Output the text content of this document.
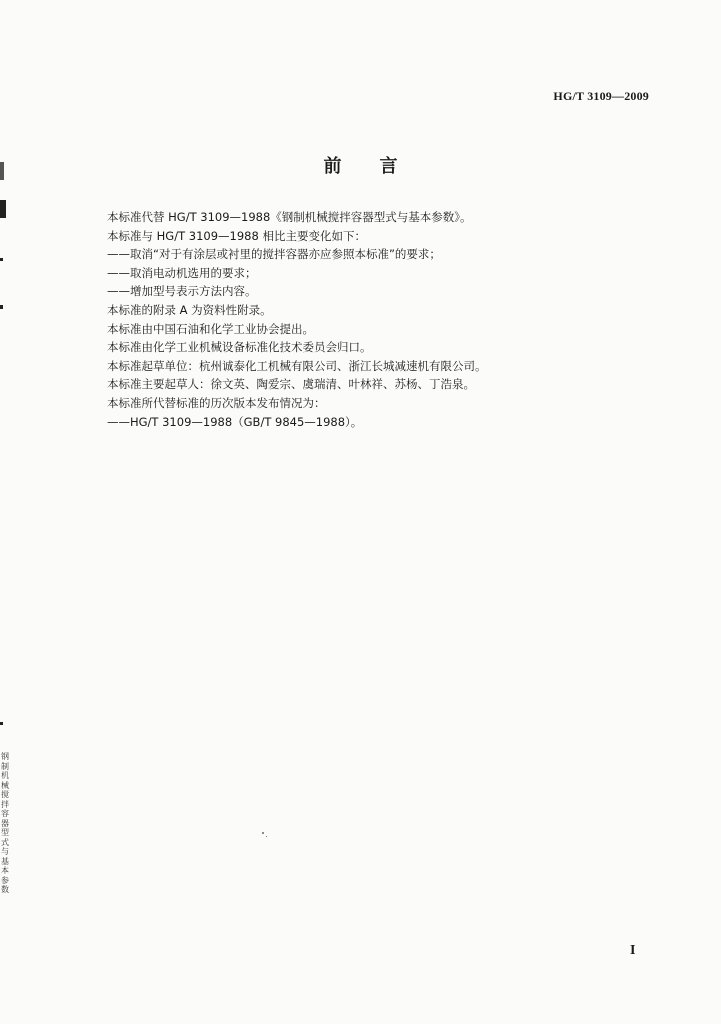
HG/T 3109—2009
前 言
本标准代替 HG/T 3109—1988《钢制机械搅拌容器型式与基本参数》。
本标准与 HG/T 3109—1988 相比主要变化如下：
——取消“对于有涂层或衬里的搅拌容器亦应参照本标准”的要求；
——取消电动机选用的要求；
——增加型号表示方法内容。
本标准的附录 A 为资料性附录。
本标准由中国石油和化学工业协会提出。
本标准由化学工业机械设备标准化技术委员会归口。
本标准起草单位：杭州诚泰化工机械有限公司、浙江长城减速机有限公司。
本标准主要起草人：徐文英、陶爱宗、虞瑞清、叶林祥、苏杨、丁浩泉。
本标准所代替标准的历次版本发布情况为：
——HG/T 3109—1988（GB/T 9845—1988）。
I
钢制机械搅拌容器型式与基本参数
